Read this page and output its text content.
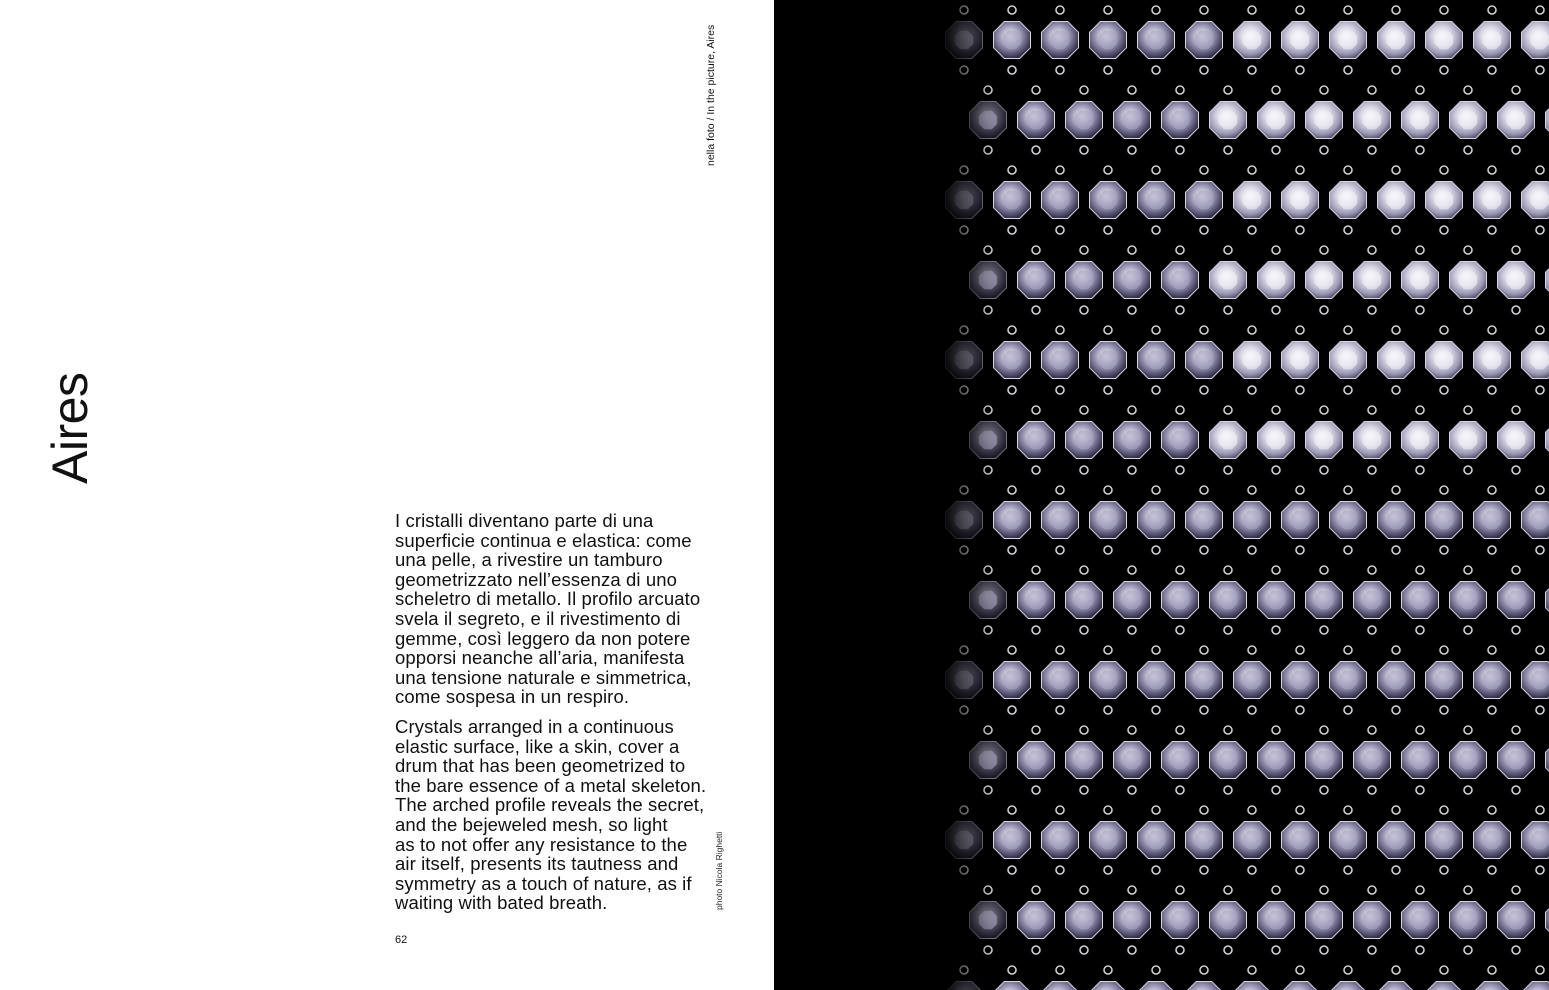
Aires
nella foto / In the picture, Aires

I cristalli diventano parte di una
superficie continua e elastica: come
una pelle, a rivestire un tamburo
geometrizzato nell’essenza di uno
scheletro di metallo. Il profilo arcuato
svela il segreto, e il rivestimento di
gemme, così leggero da non potere
opporsi neanche all’aria, manifesta
una tensione naturale e simmetrica,
come sospesa in un respiro.

Crystals arranged in a continuous
elastic surface, like a skin, cover a
drum that has been geometrized to
the bare essence of a metal skeleton.
The arched profile reveals the secret,
and the bejeweled mesh, so light
as to not offer any resistance to the
air itself, presents its tautness and
symmetry as a touch of nature, as if
waiting with bated breath.	photo Nicola Righetti
62
